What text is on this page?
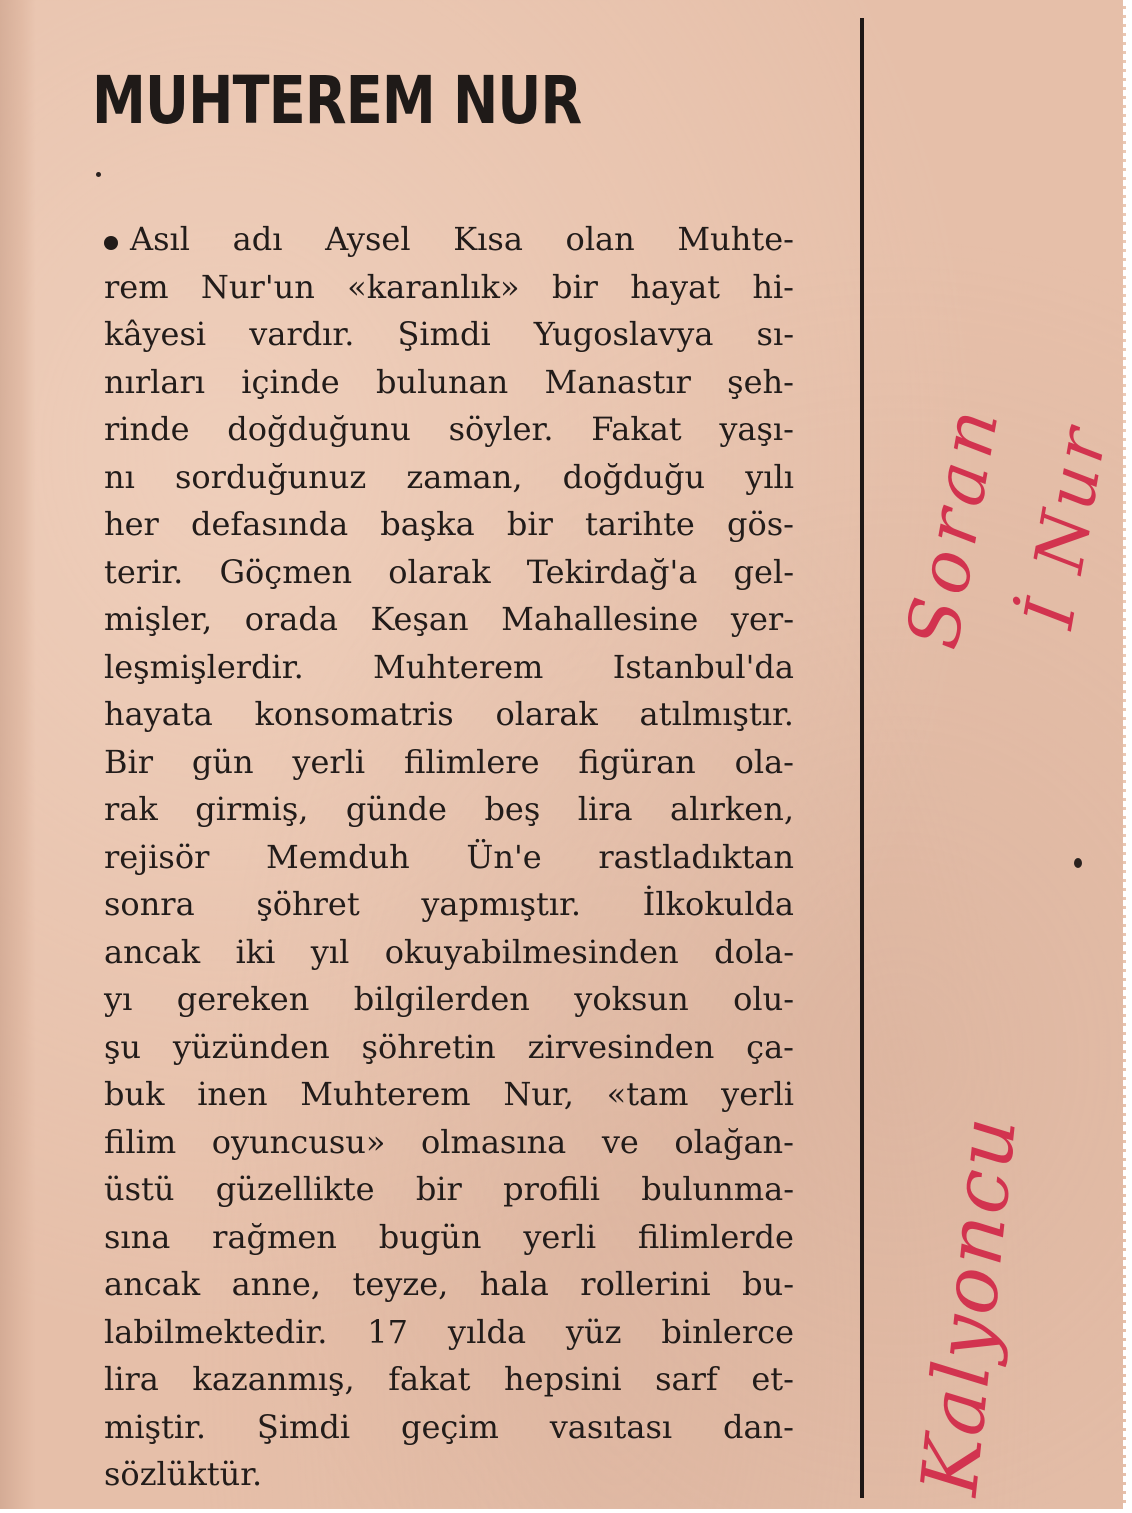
MUHTEREM NUR
Asıl adı Aysel Kısa olan Muhte-
rem Nur'un «karanlık» bir hayat hi-
kâyesi vardır. Şimdi Yugoslavya sı-
nırları içinde bulunan Manastır şeh-
rinde doğduğunu söyler. Fakat yaşı-
nı sorduğunuz zaman, doğduğu yılı
her defasında başka bir tarihte gös-
terir. Göçmen olarak Tekirdağ'a gel-
mişler, orada Keşan Mahallesine yer-
leşmişlerdir. Muhterem Istanbul'da
hayata konsomatris olarak atılmıştır.
Bir gün yerli filimlere figüran ola-
rak girmiş, günde beş lira alırken,
rejisör Memduh Ün'e rastladıktan
sonra şöhret yapmıştır. İlkokulda
ancak iki yıl okuyabilmesinden dola-
yı gereken bilgilerden yoksun olu-
şu yüzünden şöhretin zirvesinden ça-
buk inen Muhterem Nur, «tam yerli
filim oyuncusu» olmasına ve olağan-
üstü güzellikte bir profili bulunma-
sına rağmen bugün yerli filimlerde
ancak anne, teyze, hala rollerini bu-
labilmektedir. 17 yılda yüz binlerce
lira kazanmış, fakat hepsini sarf et-
miştir. Şimdi geçim vasıtası dan-
sözlüktür.
Soran
İ Nur
Kalyoncu
